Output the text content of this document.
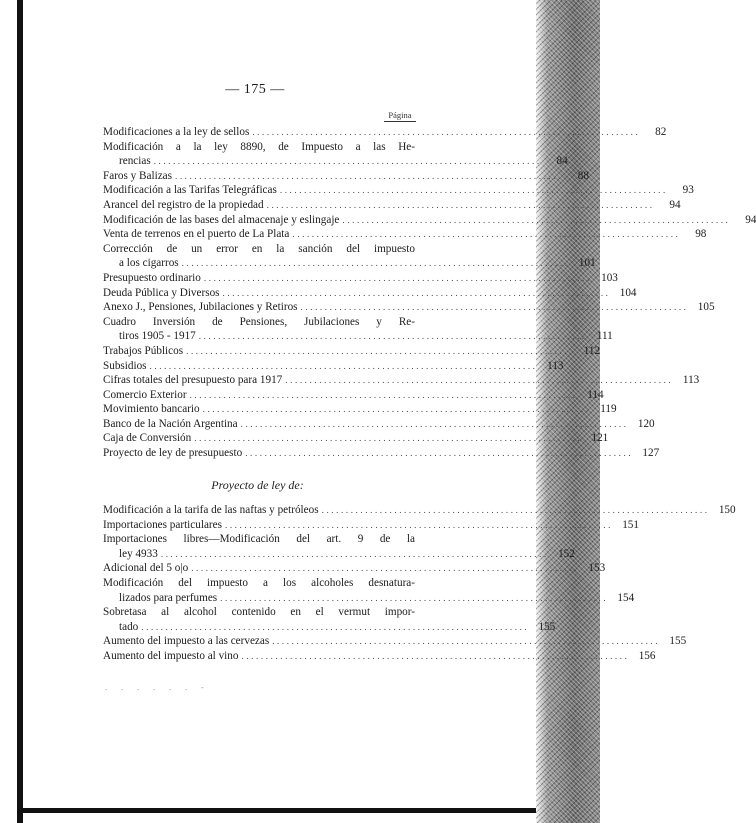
— 175 —
Página
Modificaciones a la ley de sellos ................................................................................	82
Modificación a la ley 8890, de Impuesto a las He-
rencias ................................................................................	84
Faros y Balizas ................................................................................	88
Modificación a las Tarifas Telegráficas ................................................................................	93
Arancel del registro de la propiedad ................................................................................	94
Modificación de las bases del almacenaje y eslingaje ................................................................................	94
Venta de terrenos en el puerto de La Plata ................................................................................	98
Corrección de un error en la sanción del impuesto
a los cigarros ................................................................................ 101
Presupuesto ordinario ................................................................................ 103
Deuda Pública y Diversos ................................................................................ 104
Anexo J., Pensiones, Jubilaciones y Retiros ................................................................................ 105
Cuadro Inversión de Pensiones, Jubilaciones y Re-
tiros 1905 - 1917 ................................................................................ 111
Trabajos Públicos ................................................................................ 112
Subsidios ................................................................................ 113
Cifras totales del presupuesto para 1917 ................................................................................ 113
Comercio Exterior ................................................................................ 114
Movimiento bancario ................................................................................ 119
Banco de la Nación Argentina ................................................................................ 120
Caja de Conversión ................................................................................ 121
Proyecto de ley de presupuesto ................................................................................ 127
Proyecto de ley de:
Modificación a la tarifa de las naftas y petróleos ................................................................................ 150
Importaciones particulares ................................................................................ 151
Importaciones libres—Modificación del art. 9 de la
ley 4933 ................................................................................ 152
Adicional del 5 o|o ................................................................................ 153
Modificación del impuesto a los alcoholes desnatura-
lizados para perfumes ................................................................................ 154
Sobretasa al alcohol contenido en el vermut impor-
tado ................................................................................ 155
Aumento del impuesto a las cervezas ................................................................................ 155
Aumento del impuesto al vino ................................................................................ 156
. . . . . . -
